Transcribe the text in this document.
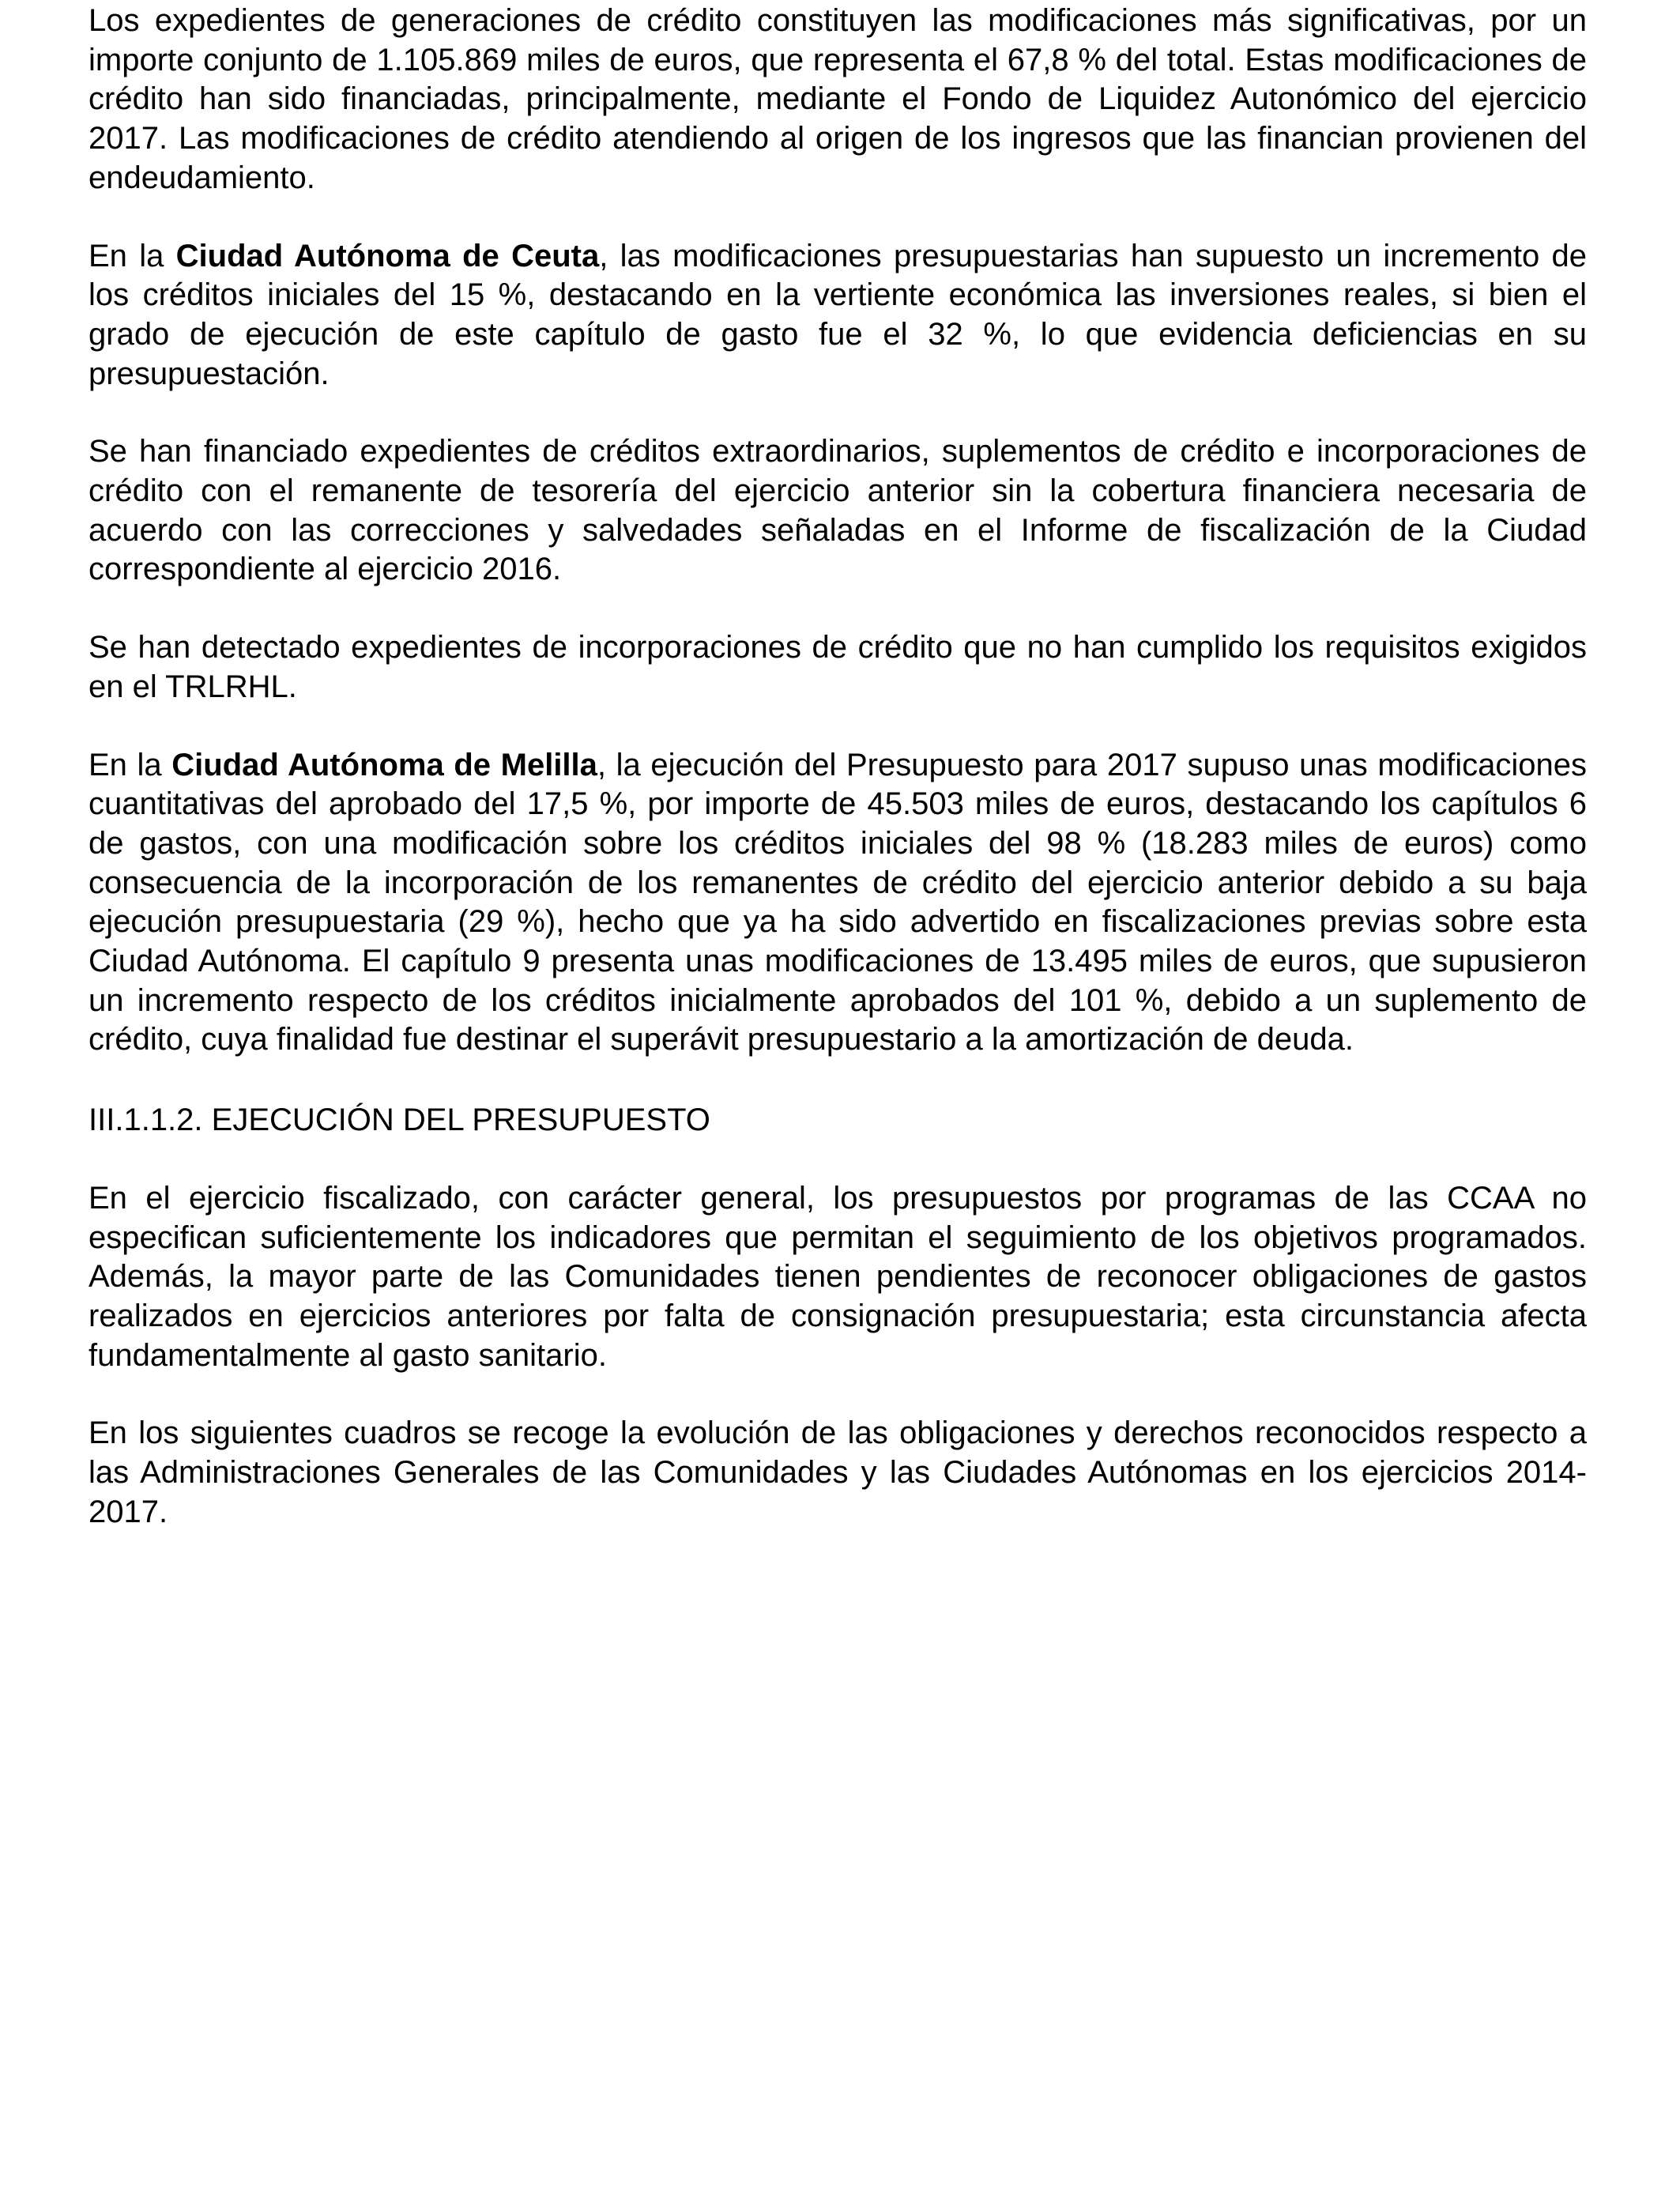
Los expedientes de generaciones de crédito constituyen las modificaciones más significativas, por un importe conjunto de 1.105.869 miles de euros, que representa el 67,8 % del total. Estas modificaciones de crédito han sido financiadas, principalmente, mediante el Fondo de Liquidez Autonómico del ejercicio 2017. Las modificaciones de crédito atendiendo al origen de los ingresos que las financian provienen del endeudamiento.

En la Ciudad Autónoma de Ceuta, las modificaciones presupuestarias han supuesto un incremento de los créditos iniciales del 15 %, destacando en la vertiente económica las inversiones reales, si bien el grado de ejecución de este capítulo de gasto fue el 32 %, lo que evidencia deficiencias en su presupuestación.

Se han financiado expedientes de créditos extraordinarios, suplementos de crédito e incorporaciones de crédito con el remanente de tesorería del ejercicio anterior sin la cobertura financiera necesaria de acuerdo con las correcciones y salvedades señaladas en el Informe de fiscalización de la Ciudad correspondiente al ejercicio 2016.

Se han detectado expedientes de incorporaciones de crédito que no han cumplido los requisitos exigidos en el TRLRHL.

En la Ciudad Autónoma de Melilla, la ejecución del Presupuesto para 2017 supuso unas modificaciones cuantitativas del aprobado del 17,5 %, por importe de 45.503 miles de euros, destacando los capítulos 6 de gastos, con una modificación sobre los créditos iniciales del 98 % (18.283 miles de euros) como consecuencia de la incorporación de los remanentes de crédito del ejercicio anterior debido a su baja ejecución presupuestaria (29 %), hecho que ya ha sido advertido en fiscalizaciones previas sobre esta Ciudad Autónoma. El capítulo 9 presenta unas modificaciones de 13.495 miles de euros, que supusieron un incremento respecto de los créditos inicialmente aprobados del 101 %, debido a un suplemento de crédito, cuya finalidad fue destinar el superávit presupuestario a la amortización de deuda.

III.1.1.2. EJECUCIÓN DEL PRESUPUESTO

En el ejercicio fiscalizado, con carácter general, los presupuestos por programas de las CCAA no especifican suficientemente los indicadores que permitan el seguimiento de los objetivos programados. Además, la mayor parte de las Comunidades tienen pendientes de reconocer obligaciones de gastos realizados en ejercicios anteriores por falta de consignación presupuestaria; esta circunstancia afecta fundamentalmente al gasto sanitario.

En los siguientes cuadros se recoge la evolución de las obligaciones y derechos reconocidos respecto a las Administraciones Generales de las Comunidades y las Ciudades Autónomas en los ejercicios 2014-2017.
